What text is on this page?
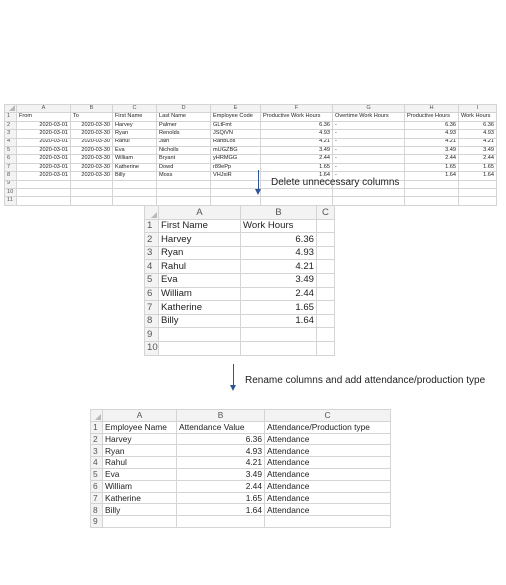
	A	B	C	D	E	F	G	H	I
1	From	To	First Name	Last Name	Employee Code	Productive Work Hours	Overtime Work Hours	Productive Hours	Work Hours
2	2020-03-01	2020-03-30	Harvey	Palmer	GLtFmt	6.36	-	6.36	6.36
3	2020-03-01	2020-03-30	Ryan	Renolds	JSQiVN	4.93	-	4.93	4.93
4	2020-03-01	2020-03-30	Rahul	Jain	RahbLos	4.21	-	4.21	4.21
5	2020-03-01	2020-03-30	Eva	Nicholls	mUGZBG	3.49	-	3.49	3.49
6	2020-03-01	2020-03-30	William	Bryant	yHRMGG	2.44	-	2.44	2.44
7	2020-03-01	2020-03-30	Katherine	Dowd	r89ePp	1.65	-	1.65	1.65
8	2020-03-01	2020-03-30	Billy	Moss	VHJxiR	1.64	-	1.64	1.64
9									
10									
11									
Delete unnecessary columns
	A	B	C
1	First Name	Work Hours	
2	Harvey	6.36	
3	Ryan	4.93	
4	Rahul	4.21	
5	Eva	3.49	
6	William	2.44	
7	Katherine	1.65	
8	Billy	1.64	
9			
10			
Rename columns and add attendance/production type
	A	B	C
1	Employee Name	Attendance Value	Attendance/Production type
2	Harvey	6.36	Attendance
3	Ryan	4.93	Attendance
4	Rahul	4.21	Attendance
5	Eva	3.49	Attendance
6	William	2.44	Attendance
7	Katherine	1.65	Attendance
8	Billy	1.64	Attendance
9			
